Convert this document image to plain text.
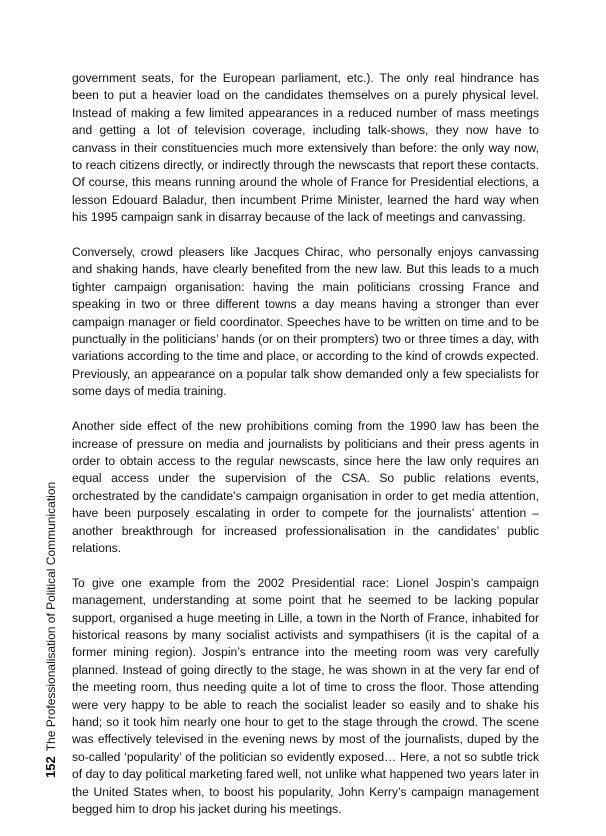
152The Professionalisation of Political Communication

government seats, for the European parliament, etc.). The only real hindrance has been to put a heavier load on the candidates themselves on a purely physical level. Instead of making a few limited appearances in a reduced number of mass meetings and getting a lot of television coverage, including talk-shows, they now have to canvass in their constituencies much more extensively than before: the only way now, to reach citizens directly, or indirectly through the newscasts that report these contacts. Of course, this means running around the whole of France for Presidential elections, a lesson Edouard Baladur, then incumbent Prime Minister, learned the hard way when his 1995 campaign sank in disarray because of the lack of meetings and canvassing.

Conversely, crowd pleasers like Jacques Chirac, who personally enjoys canvassing and shaking hands, have clearly benefited from the new law. But this leads to a much tighter campaign organisation: having the main politicians crossing France and speaking in two or three different towns a day means having a stronger than ever campaign manager or field coordinator. Speeches have to be written on time and to be punctually in the politicians’ hands (or on their prompters) two or three times a day, with variations according to the time and place, or according to the kind of crowds expected. Previously, an appearance on a popular talk show demanded only a few specialists for some days of media training.

Another side effect of the new prohibitions coming from the 1990 law has been the increase of pressure on media and journalists by politicians and their press agents in order to obtain access to the regular newscasts, since here the law only requires an equal access under the supervision of the CSA. So public relations events, orchestrated by the candidate’s campaign organisation in order to get media attention, have been purposely escalating in order to compete for the journalists’ attention – another breakthrough for increased professionalisation in the candidates’ public relations.

To give one example from the 2002 Presidential race: Lionel Jospin’s campaign management, understanding at some point that he seemed to be lacking popular support, organised a huge meeting in Lille, a town in the North of France, inhabited for historical reasons by many socialist activists and sympathisers (it is the capital of a former mining region). Jospin’s entrance into the meeting room was very carefully planned. Instead of going directly to the stage, he was shown in at the very far end of the meeting room, thus needing quite a lot of time to cross the floor. Those attending were very happy to be able to reach the socialist leader so easily and to shake his hand; so it took him nearly one hour to get to the stage through the crowd. The scene was effectively televised in the evening news by most of the journalists, duped by the so-called ‘popularity’ of the politician so evidently exposed… Here, a not so subtle trick of day to day political marketing fared well, not unlike what happened two years later in the United States when, to boost his popularity, John Kerry’s campaign management begged him to drop his jacket during his meetings.
